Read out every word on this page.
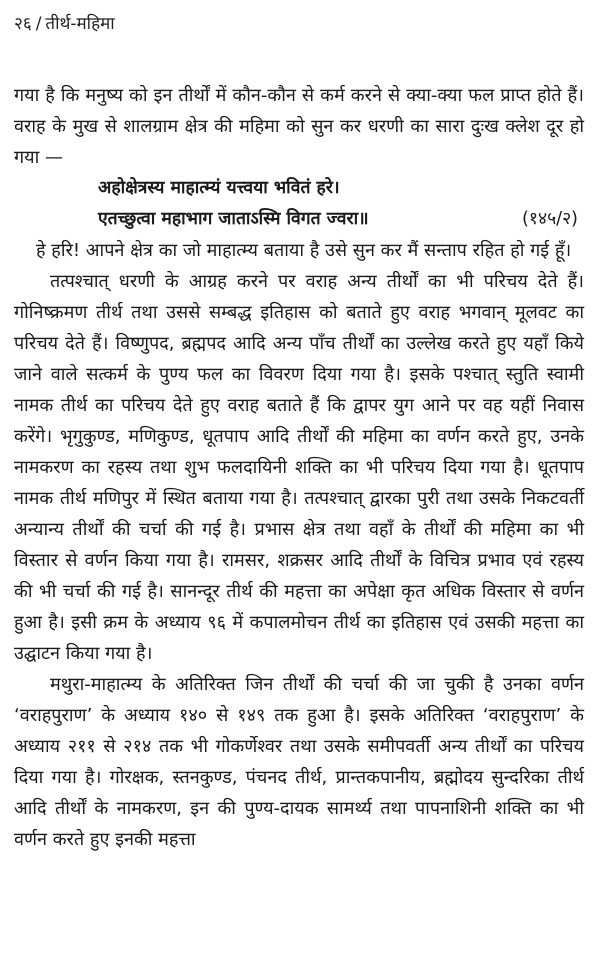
२६ / तीर्थ-महिमा

गया है कि मनुष्य को इन तीर्थों में कौन-कौन से कर्म करने से क्या-क्या फल प्राप्त होते हैं। वराह के मुख से शालग्राम क्षेत्र की महिमा को सुन कर धरणी का सारा दुःख क्लेश दूर हो गया —

अहोक्षेत्रस्य माहात्म्यं यत्त्वया भवितं हरे।
एतच्छुत्वा महाभाग जाताऽस्मि विगत ज्वरा॥	(१४५/२)

हे हरि! आपने क्षेत्र का जो माहात्म्य बताया है उसे सुन कर मैं सन्ताप रहित हो गई हूँ।

तत्पश्चात् धरणी के आग्रह करने पर वराह अन्य तीर्थों का भी परिचय देते हैं। गोनिष्क्रमण तीर्थ तथा उससे सम्बद्ध इतिहास को बताते हुए वराह भगवान् मूलवट का परिचय देते हैं। विष्णुपद, ब्रह्मपद आदि अन्य पाँच तीर्थों का उल्लेख करते हुए यहाँ किये जाने वाले सत्कर्म के पुण्य फल का विवरण दिया गया है। इसके पश्चात् स्तुति स्वामी नामक तीर्थ का परिचय देते हुए वराह बताते हैं कि द्वापर युग आने पर वह यहीं निवास करेंगे। भृगुकुण्ड, मणिकुण्ड, धूतपाप आदि तीर्थों की महिमा का वर्णन करते हुए, उनके नामकरण का रहस्य तथा शुभ फलदायिनी शक्ति का भी परिचय दिया गया है। धूतपाप नामक तीर्थ मणिपुर में स्थित बताया गया है। तत्पश्चात् द्वारका पुरी तथा उसके निकटवर्ती अन्यान्य तीर्थों की चर्चा की गई है। प्रभास क्षेत्र तथा वहाँ के तीर्थों की महिमा का भी विस्तार से वर्णन किया गया है। रामसर, शक्रसर आदि तीर्थों के विचित्र प्रभाव एवं रहस्य की भी चर्चा की गई है। सानन्दूर तीर्थ की महत्ता का अपेक्षा कृत अधिक विस्तार से वर्णन हुआ है। इसी क्रम के अध्याय ९६ में कपालमोचन तीर्थ का इतिहास एवं उसकी महत्ता का उद्घाटन किया गया है।

मथुरा-माहात्म्य के अतिरिक्त जिन तीर्थों की चर्चा की जा चुकी है उनका वर्णन ‘वराहपुराण’ के अध्याय १४० से १४९ तक हुआ है। इसके अतिरिक्त ‘वराहपुराण’ के अध्याय २११ से २१४ तक भी गोकर्णेश्वर तथा उसके समीपवर्ती अन्य तीर्थों का परिचय दिया गया है। गोरक्षक, स्तनकुण्ड, पंचनद तीर्थ, प्रान्तकपानीय, ब्रह्मोदय सुन्दरिका तीर्थ आदि तीर्थों के नामकरण, इन की पुण्य-दायक सामर्थ्य तथा पापनाशिनी शक्ति का भी वर्णन करते हुए इनकी महत्ता
